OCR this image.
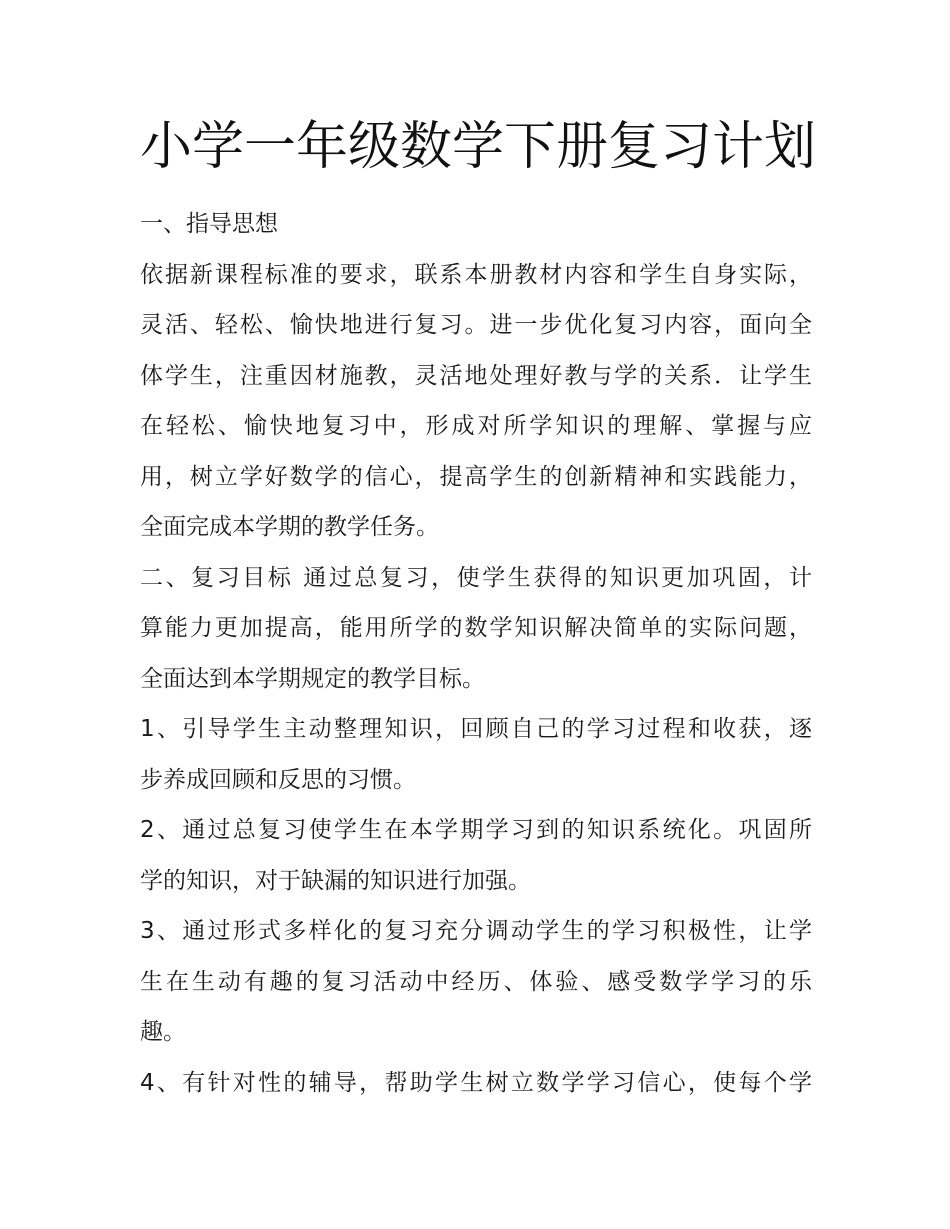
小学一年级数学下册复习计划
一、指导思想
依据新课程标准的要求，联系本册教材内容和学生自身实际，
灵活、轻松、愉快地进行复习。进一步优化复习内容，面向全
体学生，注重因材施教，灵活地处理好教与学的关系．让学生
在轻松、愉快地复习中，形成对所学知识的理解、掌握与应
用，树立学好数学的信心，提高学生的创新精神和实践能力，
全面完成本学期的教学任务。
二、复习目标 通过总复习，使学生获得的知识更加巩固，计
算能力更加提高，能用所学的数学知识解决简单的实际问题，
全面达到本学期规定的教学目标。
1、引导学生主动整理知识，回顾自己的学习过程和收获，逐
步养成回顾和反思的习惯。
2、通过总复习使学生在本学期学习到的知识系统化。巩固所
学的知识，对于缺漏的知识进行加强。
3、通过形式多样化的复习充分调动学生的学习积极性，让学
生在生动有趣的复习活动中经历、体验、感受数学学习的乐
趣。
4、有针对性的辅导，帮助学生树立数学学习信心，使每个学
